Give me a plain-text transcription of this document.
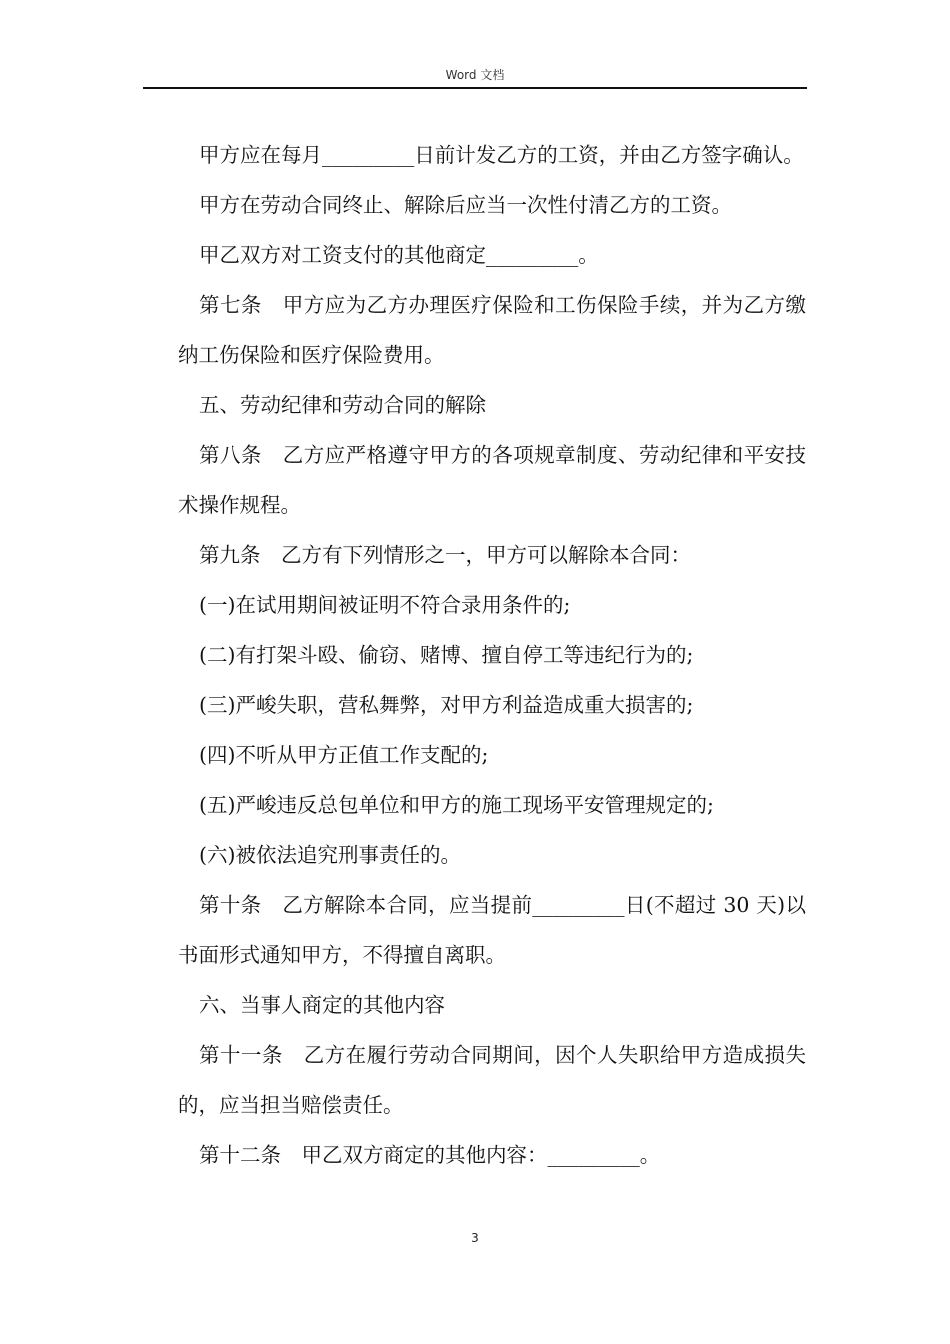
Word 文档

甲方应在每月_________日前计发乙方的工资，并由乙方签字确认。

甲方在劳动合同终止、解除后应当一次性付清乙方的工资。

甲乙双方对工资支付的其他商定_________。

第七条　甲方应为乙方办理医疗保险和工伤保险手续，并为乙方缴纳工伤保险和医疗保险费用。

五、劳动纪律和劳动合同的解除

第八条　乙方应严格遵守甲方的各项规章制度、劳动纪律和平安技术操作规程。

第九条　乙方有下列情形之一，甲方可以解除本合同：

(一)在试用期间被证明不符合录用条件的;

(二)有打架斗殴、偷窃、赌博、擅自停工等违纪行为的;

(三)严峻失职，营私舞弊，对甲方利益造成重大损害的;

(四)不听从甲方正值工作支配的;

(五)严峻违反总包单位和甲方的施工现场平安管理规定的;

(六)被依法追究刑事责任的。

第十条　乙方解除本合同，应当提前_________日(不超过 30 天)以书面形式通知甲方，不得擅自离职。

六、当事人商定的其他内容

第十一条　乙方在履行劳动合同期间，因个人失职给甲方造成损失的，应当担当赔偿责任。

第十二条　甲乙双方商定的其他内容：_________。

3
